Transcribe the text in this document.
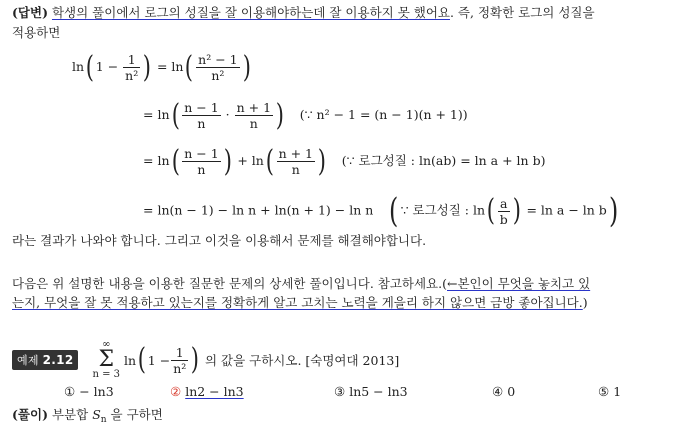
(답변) 학생의 풀이에서 로그의 성질을 잘 이용해야하는데 잘 이용하지 못 했어요. 즉, 정확한 로그의 성질을
적용하면
ln( $1 - \frac{1}{\text{n²}}$ ) = $\ln( \frac{\text{n² − 1}}{\text{n²}}$ )
= $\ln( \frac{n - 1}{n} \cdot \frac{n + 1}{n}$ ) (∵ n² − 1 = (n − 1)(n + 1))
= $\ln( \frac{n - 1}{n}$ ) + $\ln( \frac{n + 1}{n}$ ) (∵ 로그성질 : ln(ab) = ln a + ln b)
= ln(n − 1) − ln n + ln(n + 1) − ln n ( ∵ 로그성질 : $\ln( \frac{a}{b}$ ) = ln a − ln b)
라는 결과가 나와야 합니다. 그리고 이것을 이용해서 문제를 해결해야합니다.
다음은 위 설명한 내용을 이용한 질문한 문제의 상세한 풀이입니다. 참고하세요.(←본인이 무엇을 놓치고 있
는지, 무엇을 잘 못 적용하고 있는지를 정확하게 알고 고치는 노력을 게을리 하지 않으면 금방 좋아집니다.)
예제 2.12
∞
Σ
n = 3
ln ( $1 - \frac{1}{\text{n²}}$ ) 의 값을 구하시오. [숙명여대 2013]
① − ln3	② ln2 − ln3	③ ln5 − ln3	④ 0	⑤ 1
(풀이) 부분합 $S_n$ 을 구하면
